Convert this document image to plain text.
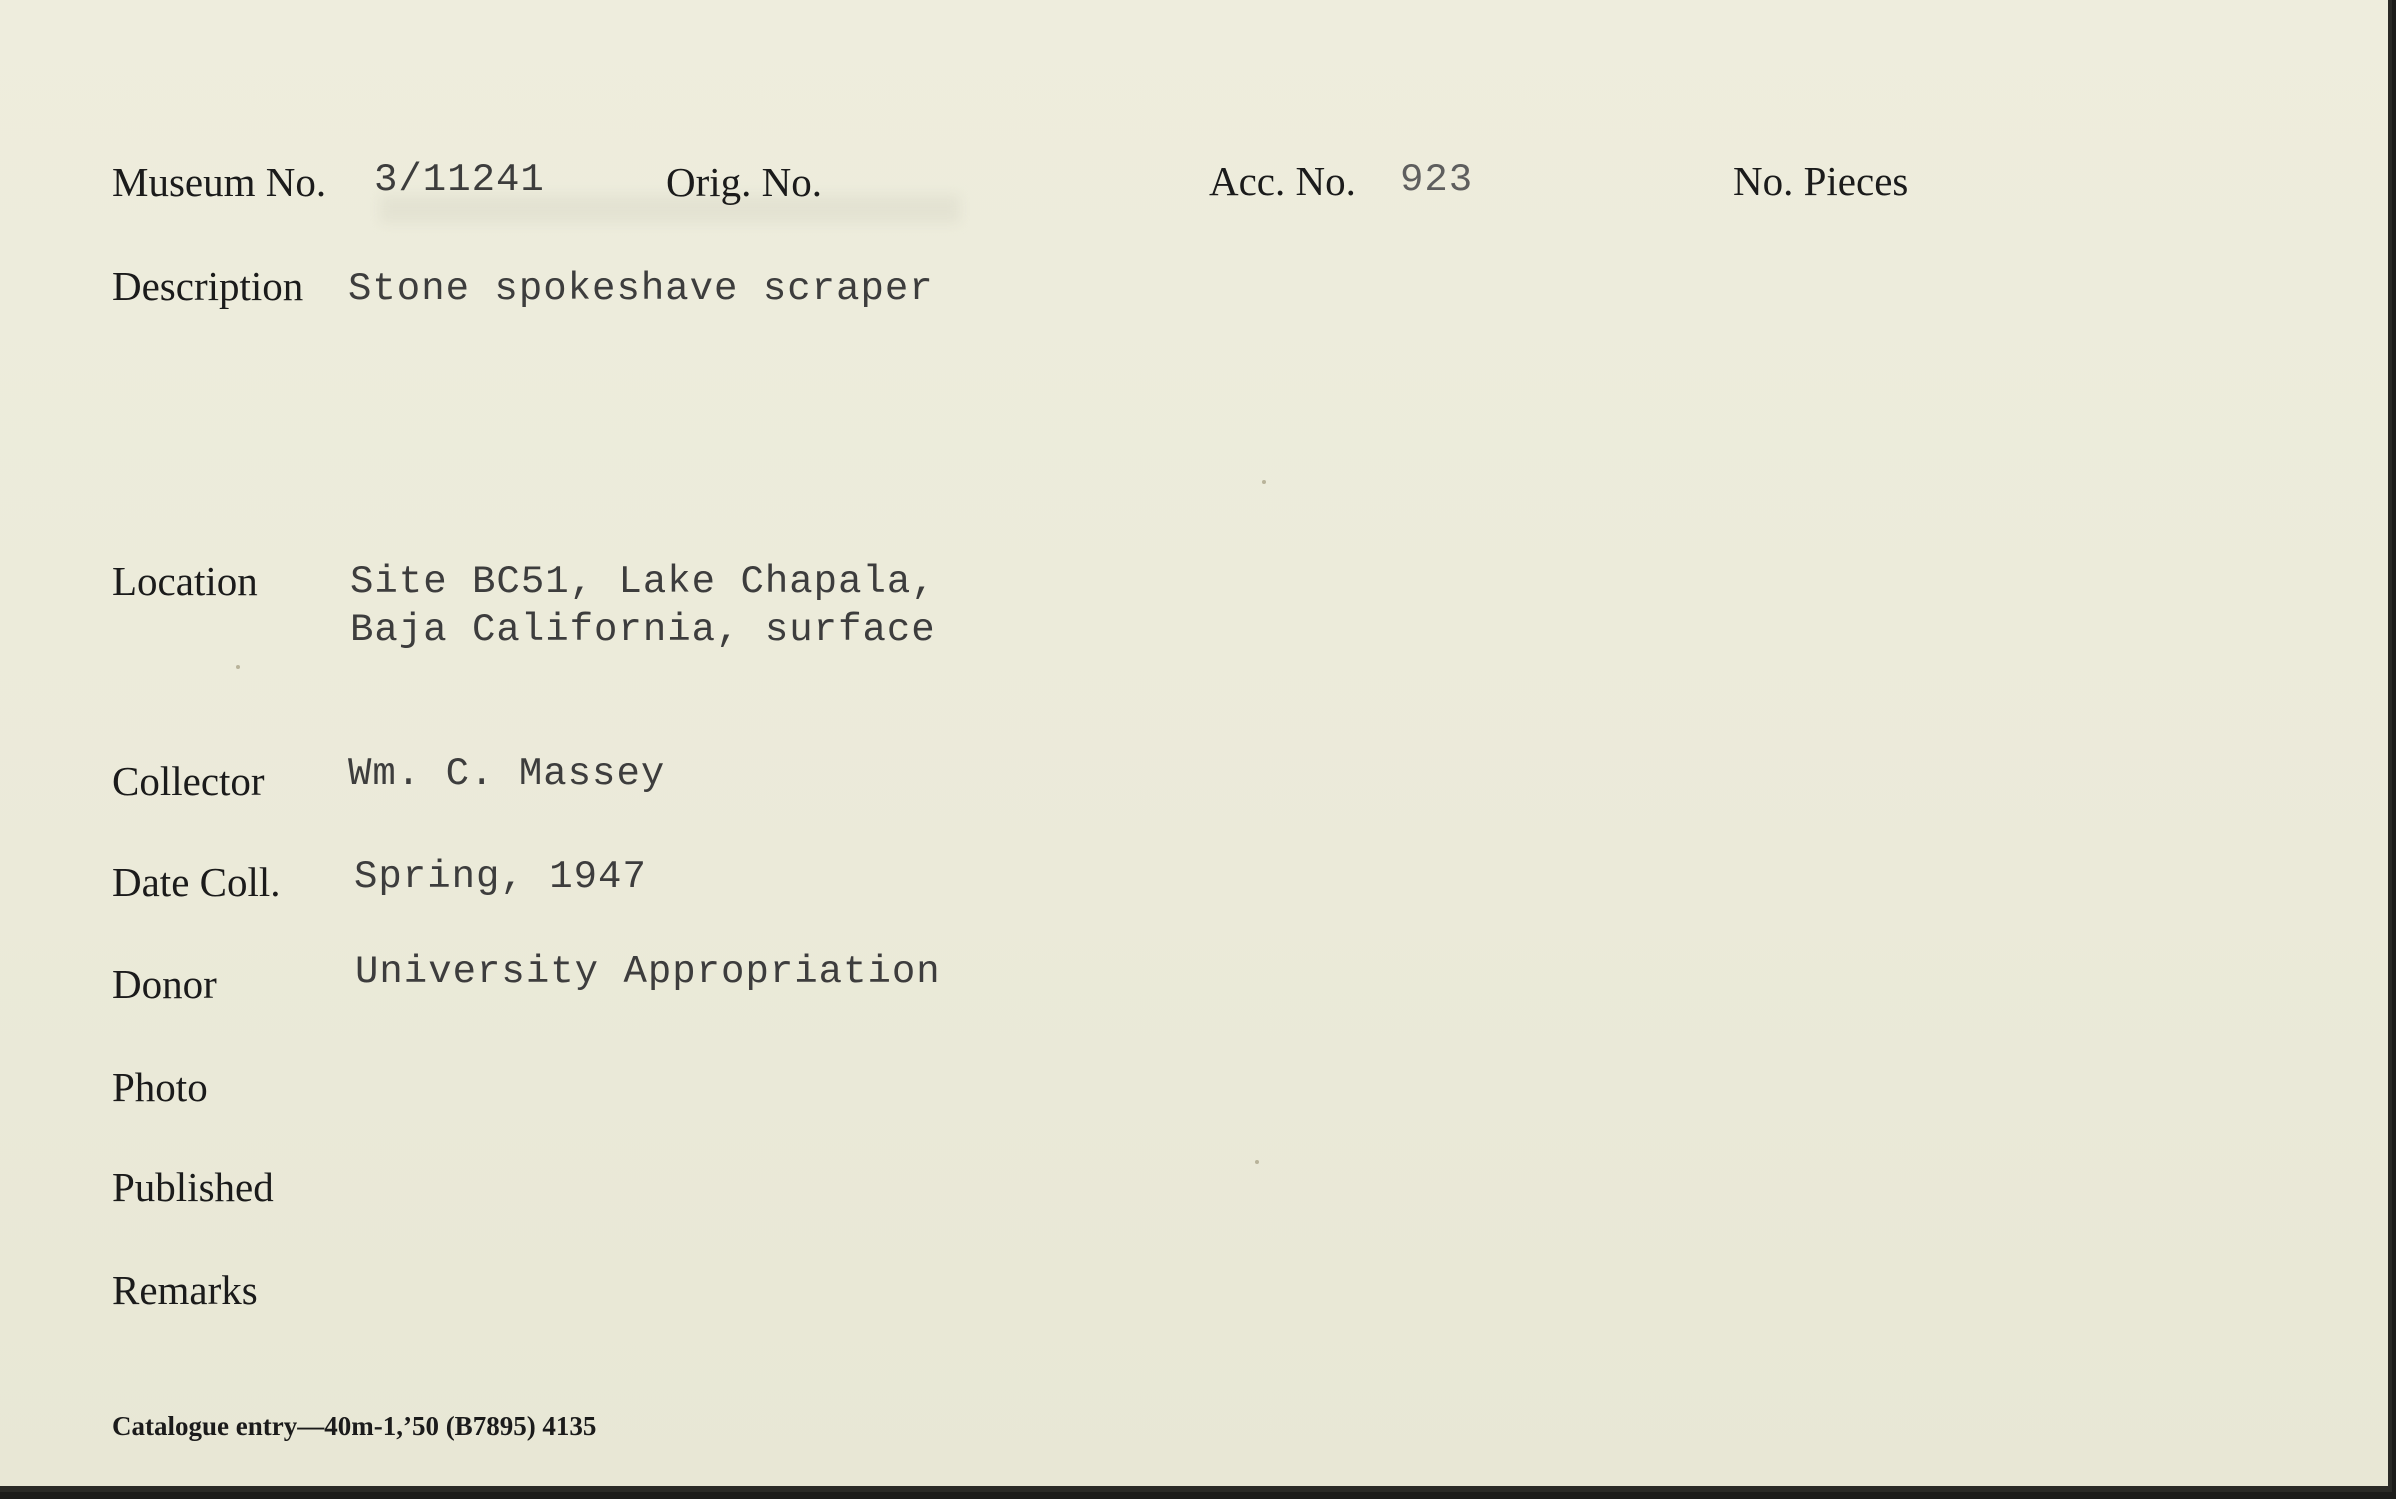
Museum No. 3/11241	Orig. No.	Acc. No. 923	No. Pieces
Description Stone spokeshave scraper
Location Site BC51, Lake Chapala,
Baja California, surface
Collector Wm. C. Massey
Date Coll. Spring, 1947
Donor	University Appropriation
Photo
Published
Remarks
Catalogue entry—40m-1,’50 (B7895) 4135
